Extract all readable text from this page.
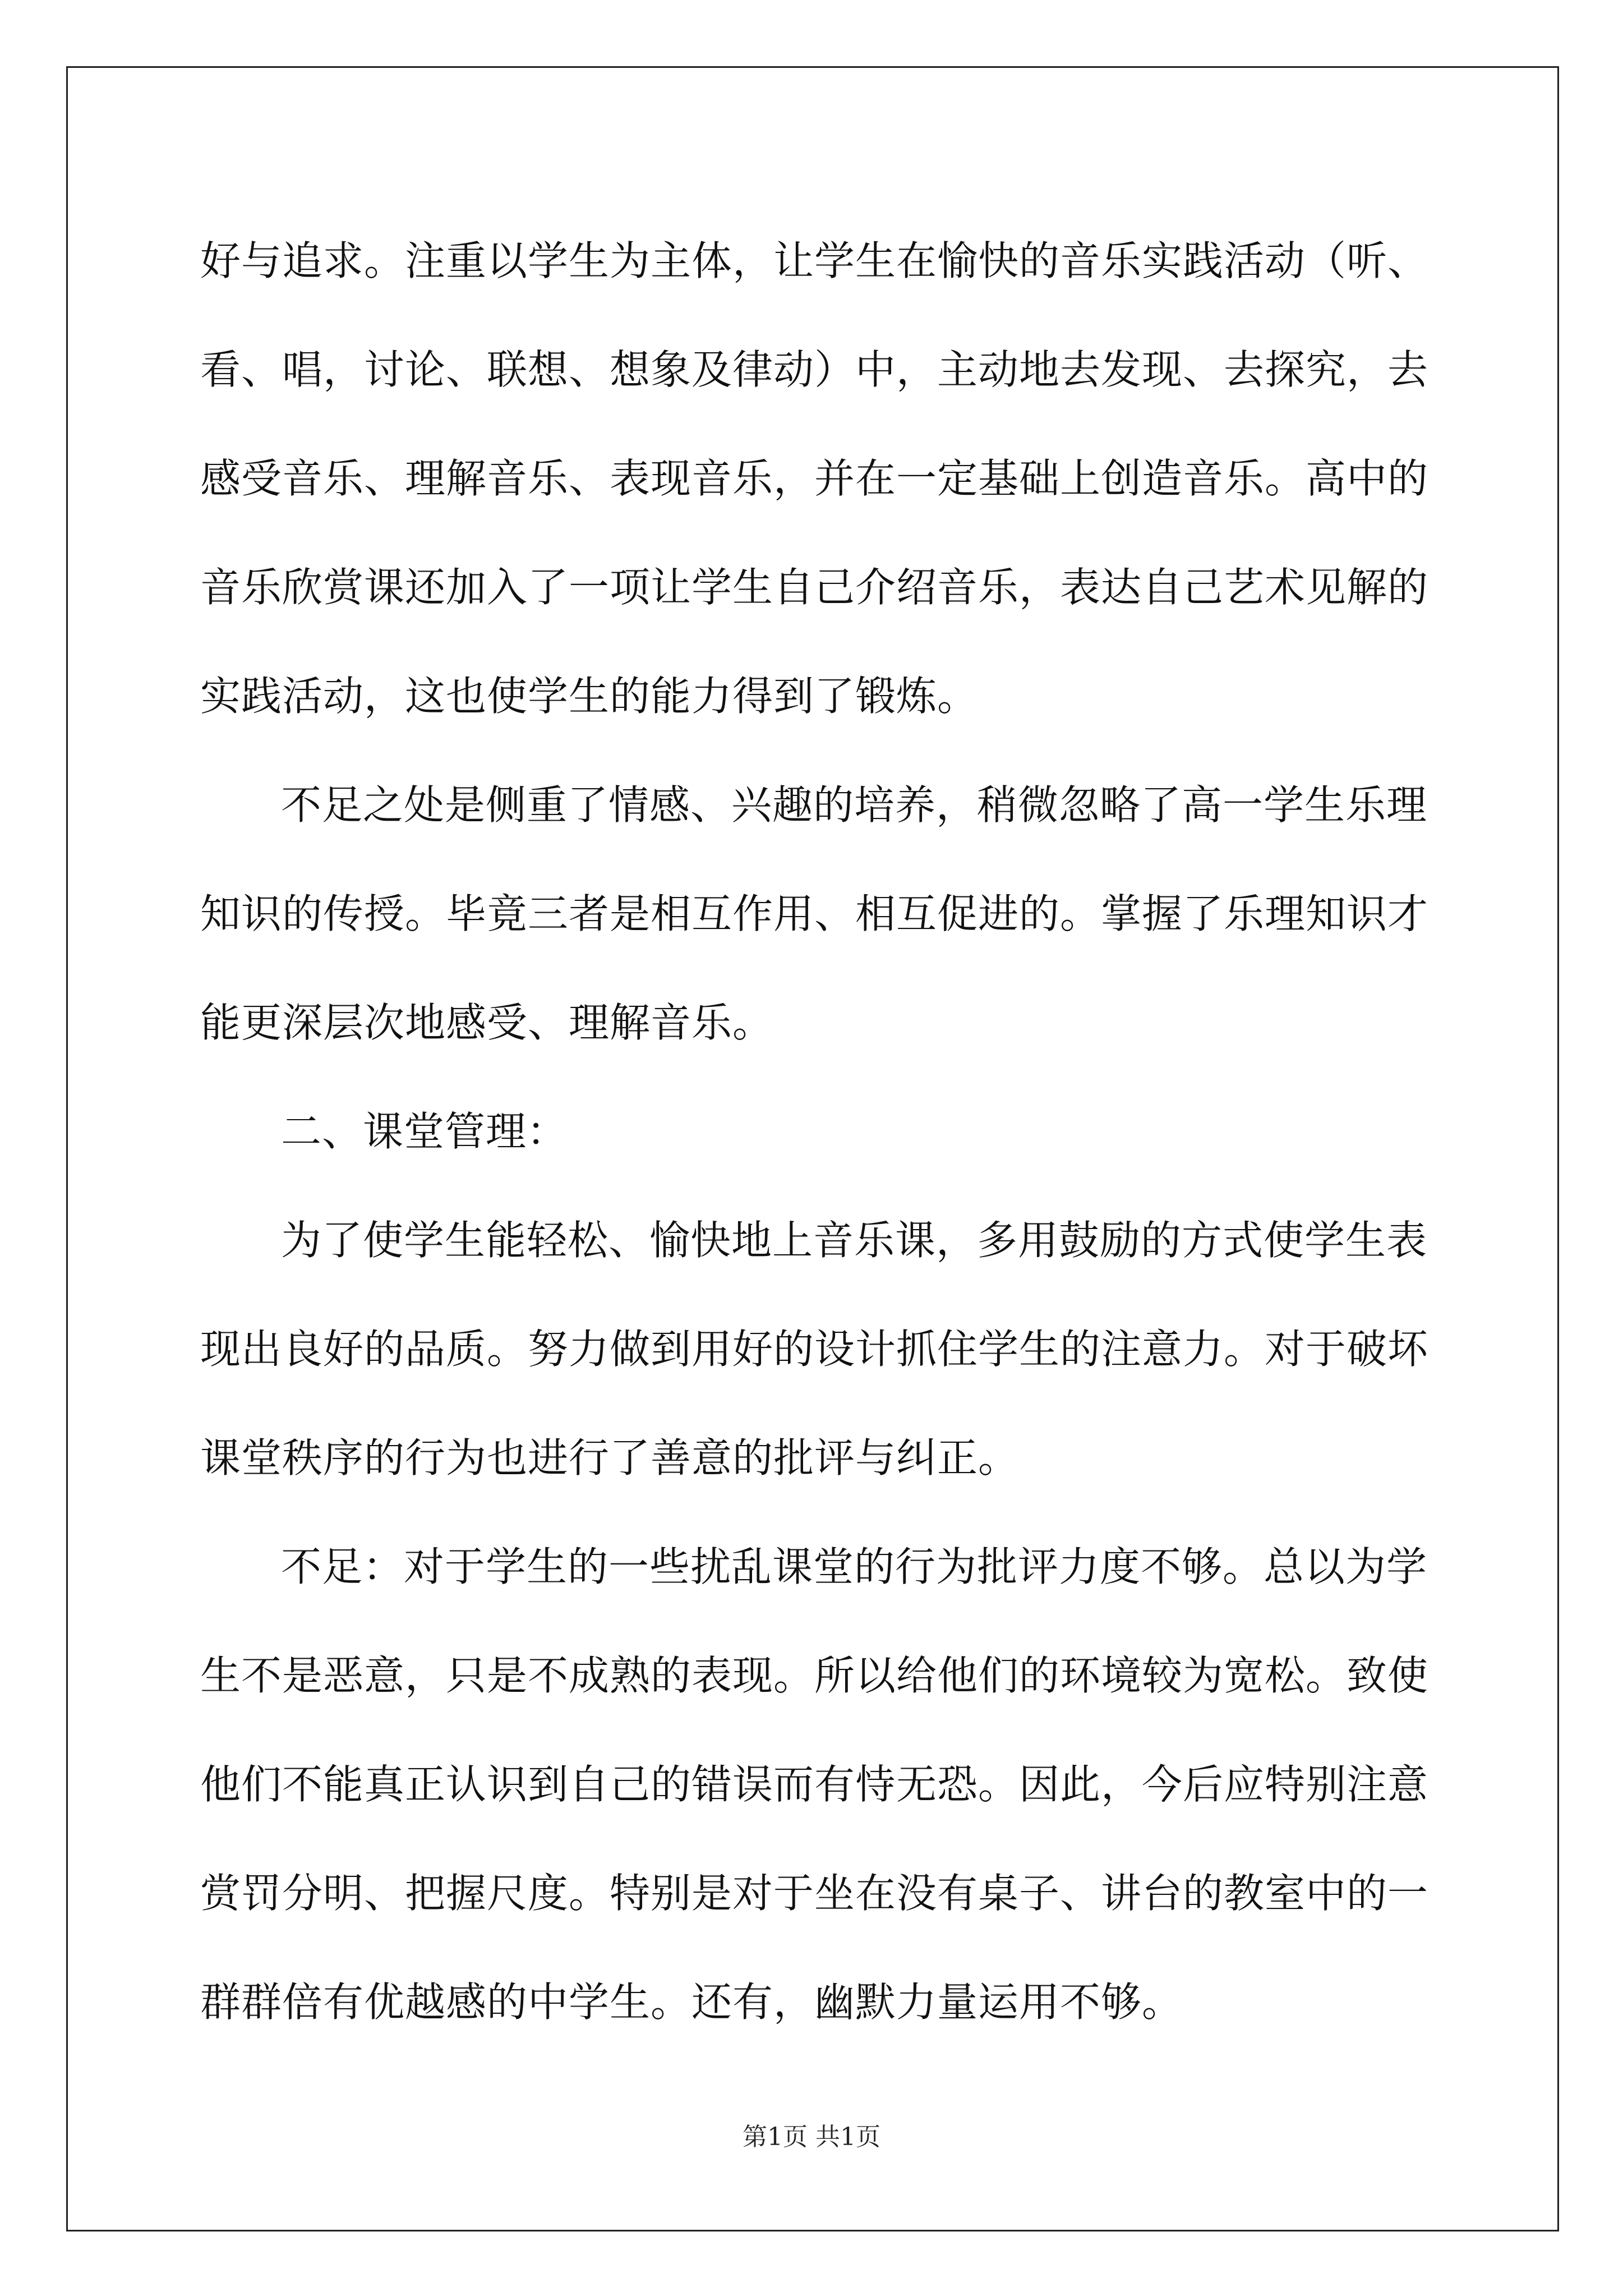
好与追求。注重以学生为主体，让学生在愉快的音乐实践活动（听、
看、唱，讨论、联想、想象及律动）中，主动地去发现、去探究，去
感受音乐、理解音乐、表现音乐，并在一定基础上创造音乐。高中的
音乐欣赏课还加入了一项让学生自己介绍音乐，表达自己艺术见解的
实践活动，这也使学生的能力得到了锻炼。
不足之处是侧重了情感、兴趣的培养，稍微忽略了高一学生乐理
知识的传授。毕竟三者是相互作用、相互促进的。掌握了乐理知识才
能更深层次地感受、理解音乐。
二、课堂管理：
为了使学生能轻松、愉快地上音乐课，多用鼓励的方式使学生表
现出良好的品质。努力做到用好的设计抓住学生的注意力。对于破坏
课堂秩序的行为也进行了善意的批评与纠正。
不足：对于学生的一些扰乱课堂的行为批评力度不够。总以为学
生不是恶意，只是不成熟的表现。所以给他们的环境较为宽松。致使
他们不能真正认识到自己的错误而有恃无恐。因此，今后应特别注意
赏罚分明、把握尺度。特别是对于坐在没有桌子、讲台的教室中的一
群群倍有优越感的中学生。还有，幽默力量运用不够。
第1页 共1页
